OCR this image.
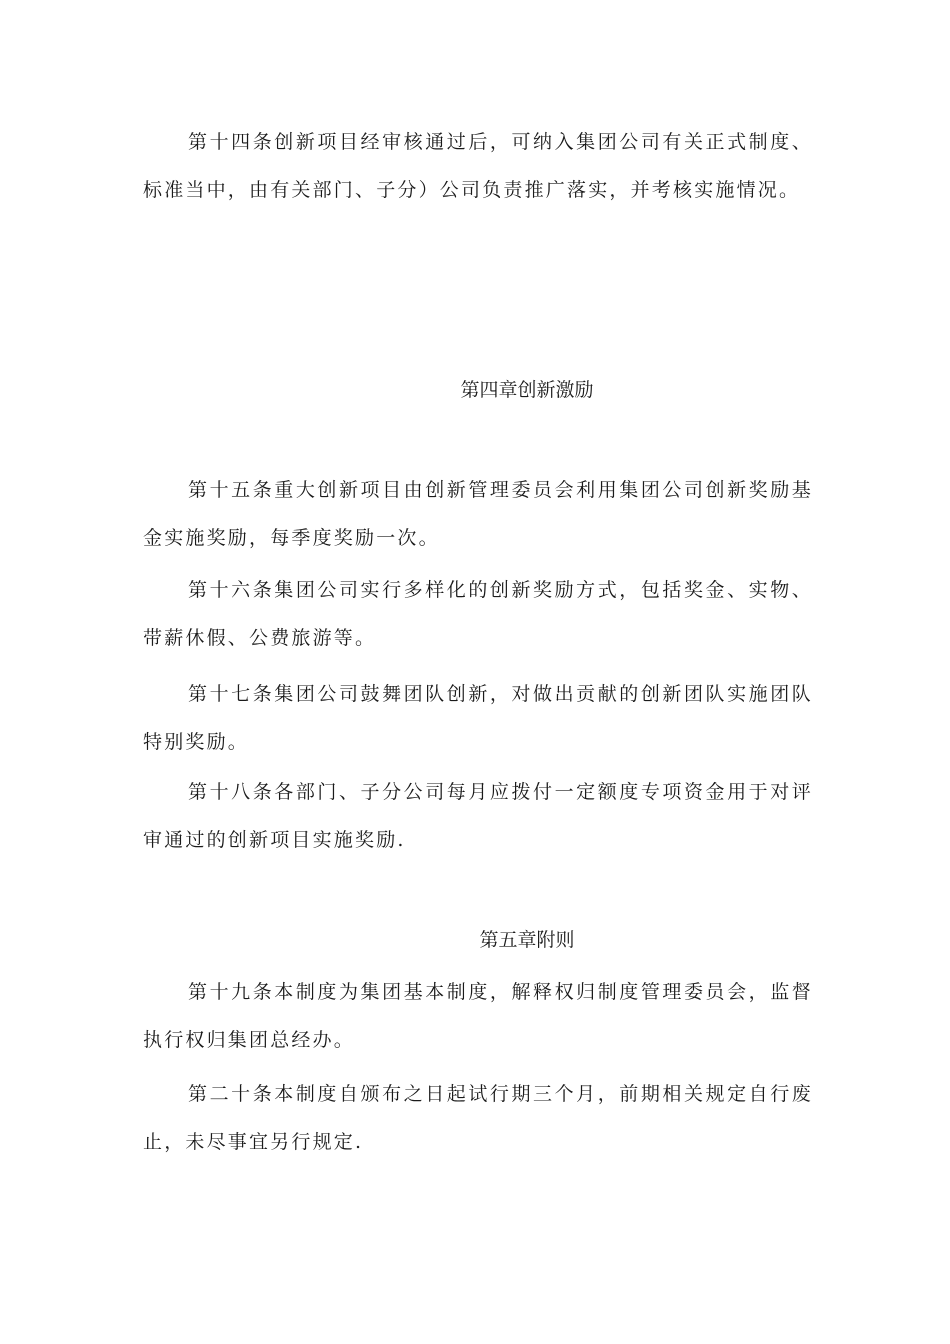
第十四条创新项目经审核通过后，可纳入集团公司有关正式制度、标准当中，由有关部门、子分）公司负责推广落实，并考核实施情况。

第四章创新激励

第十五条重大创新项目由创新管理委员会利用集团公司创新奖励基金实施奖励，每季度奖励一次。

第十六条集团公司实行多样化的创新奖励方式，包括奖金、实物、带薪休假、公费旅游等。

第十七条集团公司鼓舞团队创新，对做出贡献的创新团队实施团队特别奖励。

第十八条各部门、子分公司每月应拨付一定额度专项资金用于对评审通过的创新项目实施奖励.

第五章附则

第十九条本制度为集团基本制度，解释权归制度管理委员会，监督执行权归集团总经办。

第二十条本制度自颁布之日起试行期三个月，前期相关规定自行废止，未尽事宜另行规定.
